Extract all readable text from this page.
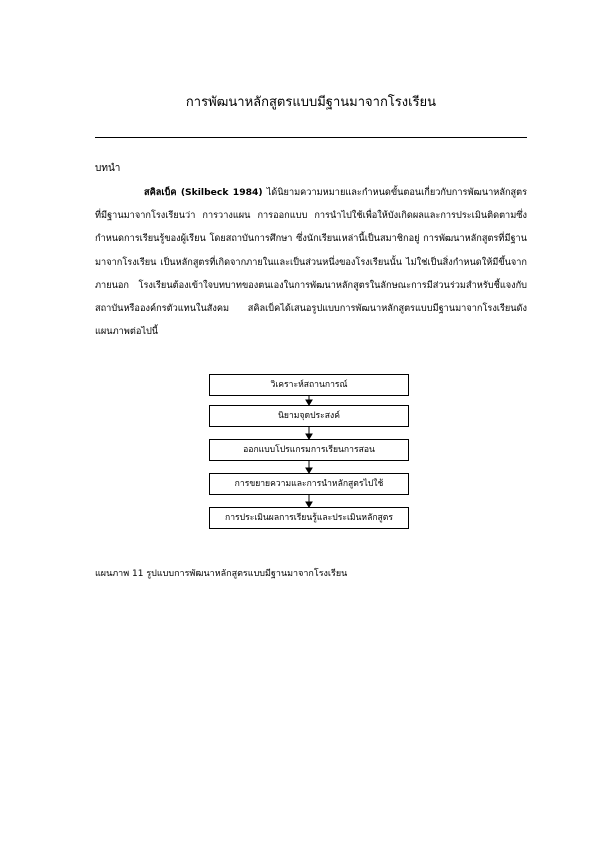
การพัฒนาหลักสูตรแบบมีฐานมาจากโรงเรียน
บทนำ

สคิลเบ็ค (Skilbeck 1984) ได้นิยามความหมายและกำหนดขั้นตอนเกี่ยวกับการพัฒนาหลักสูตรที่มีฐานมาจากโรงเรียนว่า การวางแผน การออกแบบ การนำไปใช้เพื่อให้บังเกิดผลและการประเมินติดตามซึ่งกำหนดการเรียนรู้ของผู้เรียน โดยสถาบันการศึกษา ซึ่งนักเรียนเหล่านี้เป็นสมาชิกอยู่ การพัฒนาหลักสูตรที่มีฐานมาจากโรงเรียน เป็นหลักสูตรที่เกิดจากภายในและเป็นส่วนหนึ่งของโรงเรียนนั้น ไม่ใช่เป็นสิ่งกำหนดให้มีขึ้นจากภายนอก โรงเรียนต้องเข้าใจบทบาทของตนเองในการพัฒนาหลักสูตรในลักษณะการมีส่วนร่วมสำหรับชี้แจงกับสถาบันหรือองค์กรตัวแทนในสังคม สคิลเบ็คได้เสนอรูปแบบการพัฒนาหลักสูตรแบบมีฐานมาจากโรงเรียนดังแผนภาพต่อไปนี้

วิเคราะห์สถานการณ์
นิยามจุดประสงค์
ออกแบบโปรแกรมการเรียนการสอน
การขยายความและการนำหลักสูตรไปใช้
การประเมินผลการเรียนรู้และประเมินหลักสูตร
แผนภาพ 11 รูปแบบการพัฒนาหลักสูตรแบบมีฐานมาจากโรงเรียน
